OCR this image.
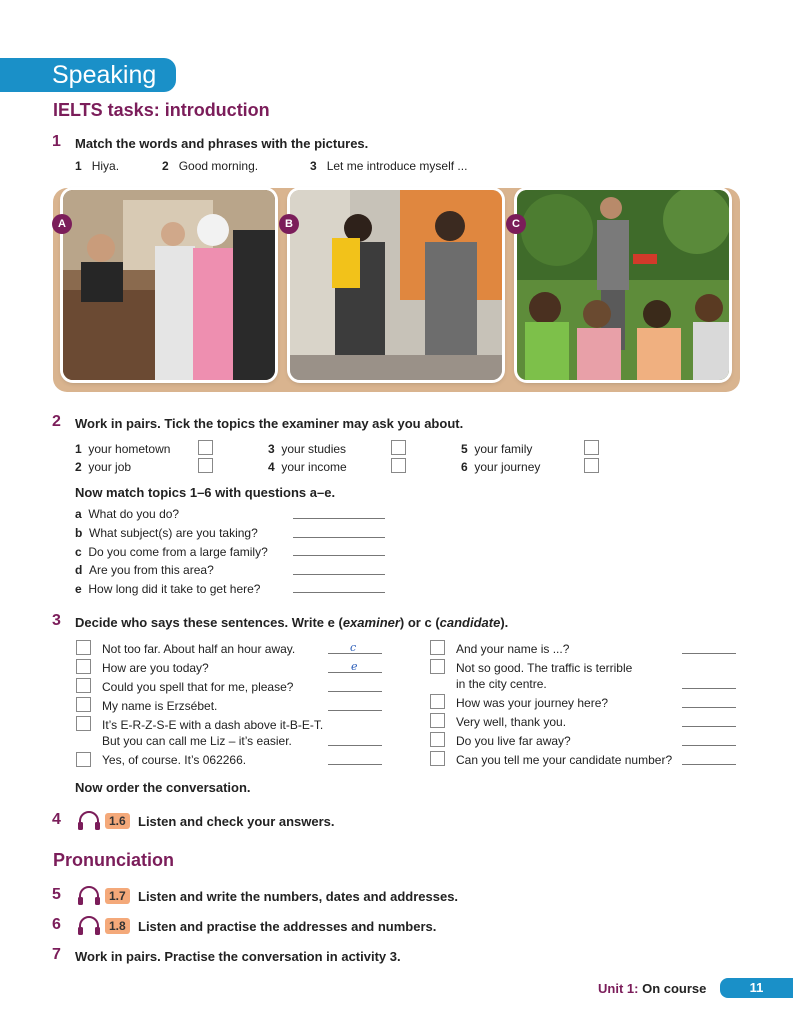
Speaking
IELTS tasks: introduction
1 Match the words and phrases with the pictures.
1 Hiya.	2 Good morning.	3 Let me introduce myself ...
A	B	C
2 Work in pairs. Tick the topics the examiner may ask you about.
1 your hometown
2 your job
3 your studies
4 your income
5 your family
6 your journey
Now match topics 1–6 with questions a–e.
a What do you do?
b What subject(s) are you taking?
c Do you come from a large family?
d Are you from this area?
e How long did it take to get here?
3 Decide who says these sentences. Write e (examiner) or c (candidate).
Not too far. About half an hour away.	c
How are you today?	e
Could you spell that for me, please?
My name is Erzsébet.
It’s E-R-Z-S-E with a dash above it-B-E-T.
But you can call me Liz – it’s easier.
Yes, of course. It’s 062266.
And your name is ...?
Not so good. The traffic is terrible
in the city centre.
How was your journey here?
Very well, thank you.
Do you live far away?
Can you tell me your candidate number?
Now order the conversation.
4	1.6 Listen and check your answers.
Pronunciation
5	1.7 Listen and write the numbers, dates and addresses.
6	1.8 Listen and practise the addresses and numbers.
7 Work in pairs. Practise the conversation in activity 3.
Unit 1: On course	11
